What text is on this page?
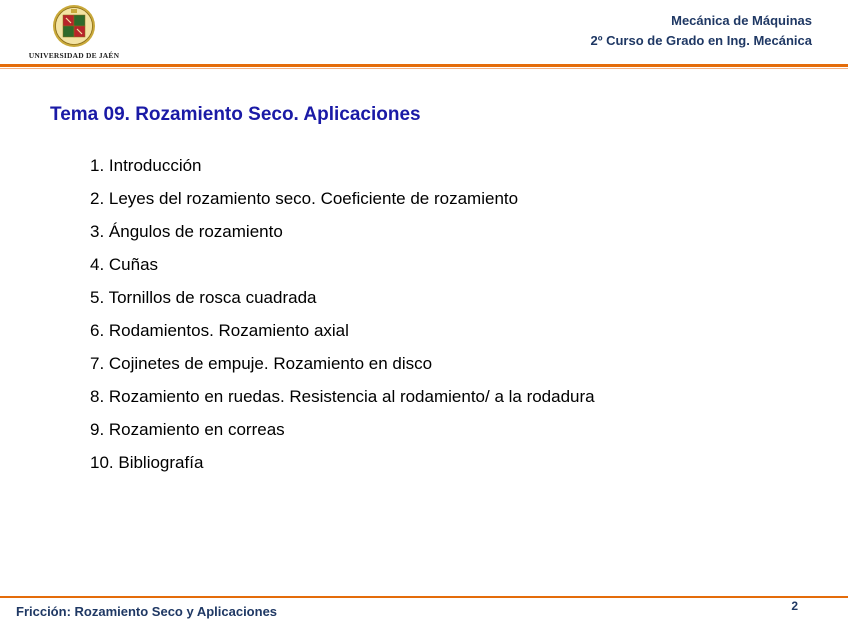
UNIVERSIDAD DE JAÉN
Mecánica de Máquinas
2º Curso de Grado en Ing. Mecánica
Tema 09. Rozamiento Seco. Aplicaciones
1. Introducción
2. Leyes del rozamiento seco. Coeficiente de rozamiento
3. Ángulos de rozamiento
4. Cuñas
5. Tornillos de rosca cuadrada
6. Rodamientos. Rozamiento axial
7. Cojinetes de empuje. Rozamiento en disco
8. Rozamiento en ruedas. Resistencia al rodamiento/ a la rodadura
9. Rozamiento en correas
10. Bibliografía
Fricción: Rozamiento Seco y Aplicaciones	2
